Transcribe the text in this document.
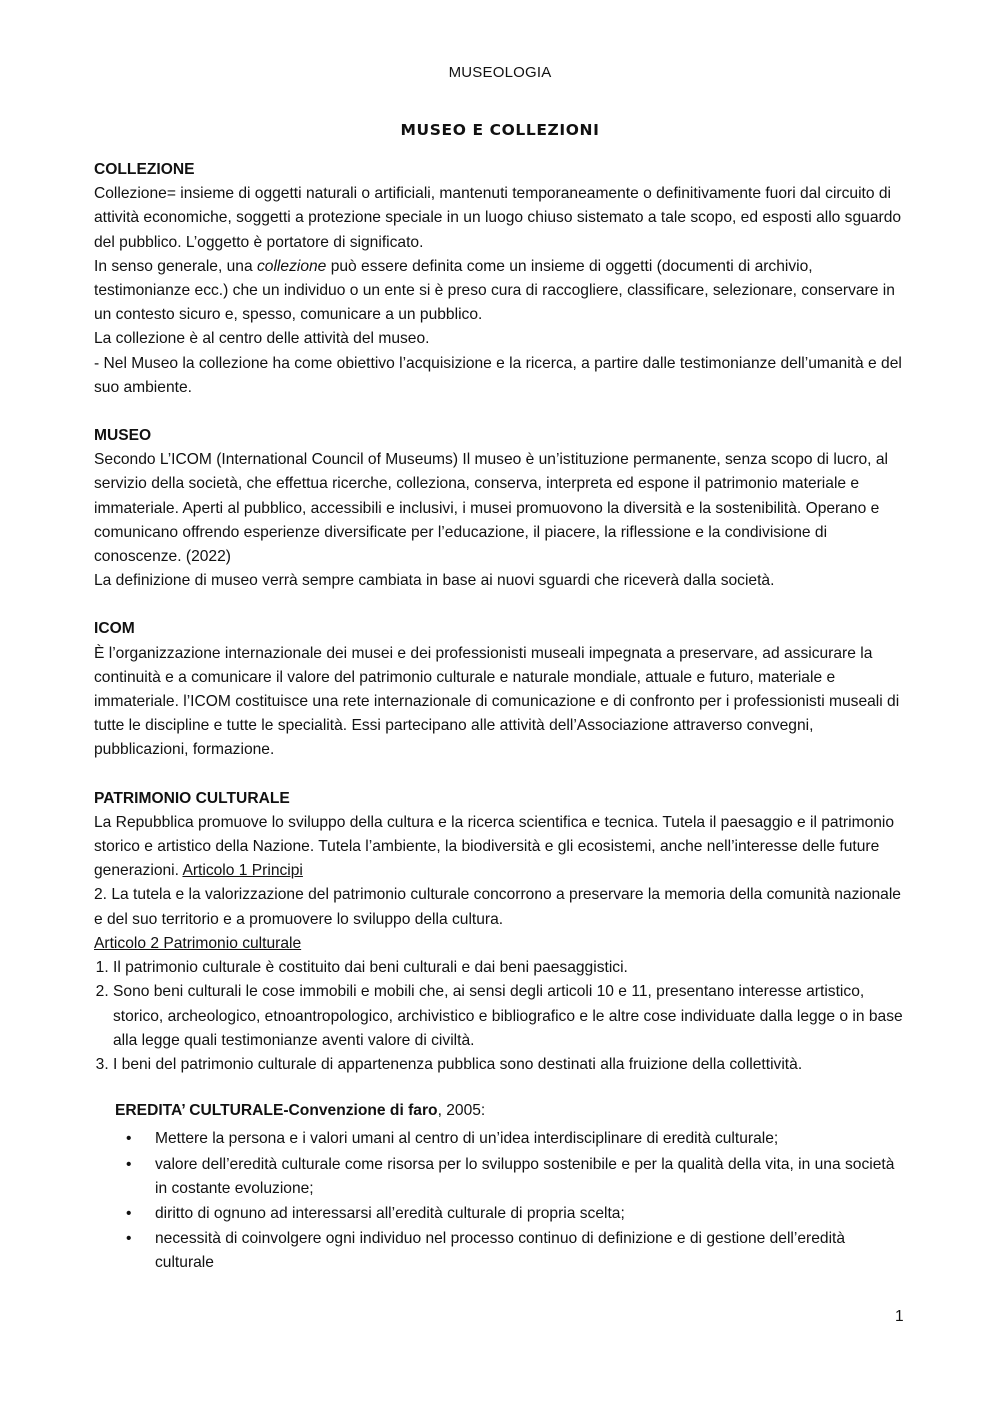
MUSEOLOGIA
MUSEO E COLLEZIONI

COLLEZIONE

Collezione= insieme di oggetti naturali o artificiali, mantenuti temporaneamente o definitivamente fuori dal circuito di attività economiche, soggetti a protezione speciale in un luogo chiuso sistemato a tale scopo, ed esposti allo sguardo del pubblico. L’oggetto è portatore di significato.

In senso generale, una collezione può essere definita come un insieme di oggetti (documenti di archivio, testimonianze ecc.) che un individuo o un ente si è preso cura di raccogliere, classificare, selezionare, conservare in un contesto sicuro e, spesso, comunicare a un pubblico.

La collezione è al centro delle attività del museo.

- Nel Museo la collezione ha come obiettivo l’acquisizione e la ricerca, a partire dalle testimonianze dell’umanità e del suo ambiente.

MUSEO

Secondo L’ICOM (International Council of Museums) Il museo è un’istituzione permanente, senza scopo di lucro, al servizio della società, che effettua ricerche, colleziona, conserva, interpreta ed espone il patrimonio materiale e immateriale. Aperti al pubblico, accessibili e inclusivi, i musei promuovono la diversità e la sostenibilità. Operano e comunicano offrendo esperienze diversificate per l’educazione, il piacere, la riflessione e la condivisione di conoscenze. (2022)

La definizione di museo verrà sempre cambiata in base ai nuovi sguardi che riceverà dalla società.

ICOM

È l’organizzazione internazionale dei musei e dei professionisti museali impegnata a preservare, ad assicurare la continuità e a comunicare il valore del patrimonio culturale e naturale mondiale, attuale e futuro, materiale e immateriale. l’ICOM costituisce una rete internazionale di comunicazione e di confronto per i professionisti museali di tutte le discipline e tutte le specialità. Essi partecipano alle attività dell’Associazione attraverso convegni, pubblicazioni, formazione.

PATRIMONIO CULTURALE

La Repubblica promuove lo sviluppo della cultura e la ricerca scientifica e tecnica. Tutela il paesaggio e il patrimonio storico e artistico della Nazione. Tutela l’ambiente, la biodiversità e gli ecosistemi, anche nell’interesse delle future generazioni. Articolo 1 Principi

2. La tutela e la valorizzazione del patrimonio culturale concorrono a preservare la memoria della comunità nazionale e del suo territorio e a promuovere lo sviluppo della cultura.

Articolo 2 Patrimonio culturale

1. Il patrimonio culturale è costituito dai beni culturali e dai beni paesaggistici.
2. Sono beni culturali le cose immobili e mobili che, ai sensi degli articoli 10 e 11, presentano interesse artistico, storico, archeologico, etnoantropologico, archivistico e bibliografico e le altre cose individuate dalla legge o in base alla legge quali testimonianze aventi valore di civiltà.
3. I beni del patrimonio culturale di appartenenza pubblica sono destinati alla fruizione della collettività.

EREDITA’ CULTURALE-Convenzione di faro, 2005:

• Mettere la persona e i valori umani al centro di un’idea interdisciplinare di eredità culturale;
• valore dell’eredità culturale come risorsa per lo sviluppo sostenibile e per la qualità della vita, in una società in costante evoluzione;
• diritto di ognuno ad interessarsi all’eredità culturale di propria scelta;
• necessità di coinvolgere ogni individuo nel processo continuo di definizione e di gestione dell’eredità culturale
1
